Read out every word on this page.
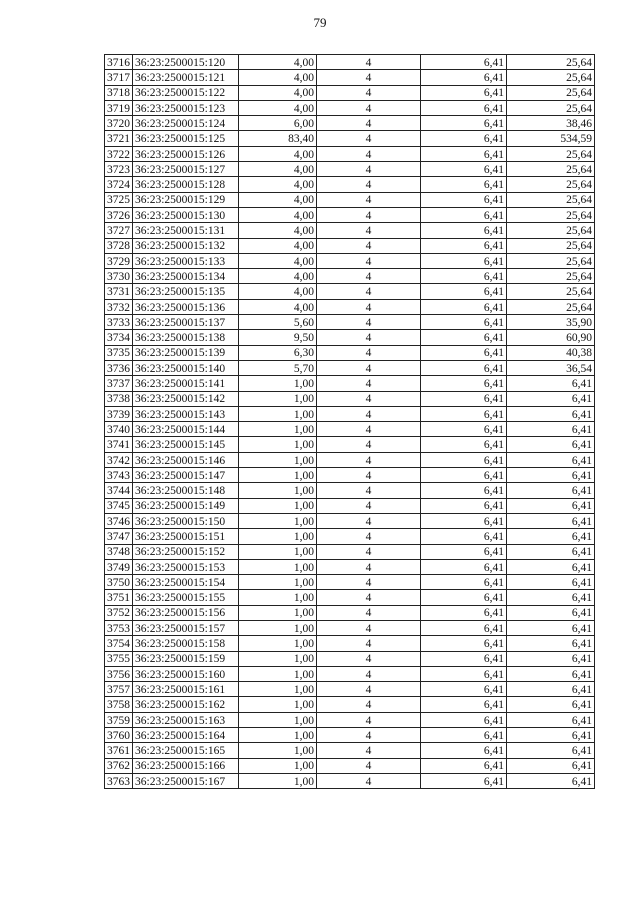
79
3716	36:23:2500015:120	4,00	4	6,41	25,64
3717	36:23:2500015:121	4,00	4	6,41	25,64
3718	36:23:2500015:122	4,00	4	6,41	25,64
3719	36:23:2500015:123	4,00	4	6,41	25,64
3720	36:23:2500015:124	6,00	4	6,41	38,46
3721	36:23:2500015:125	83,40	4	6,41	534,59
3722	36:23:2500015:126	4,00	4	6,41	25,64
3723	36:23:2500015:127	4,00	4	6,41	25,64
3724	36:23:2500015:128	4,00	4	6,41	25,64
3725	36:23:2500015:129	4,00	4	6,41	25,64
3726	36:23:2500015:130	4,00	4	6,41	25,64
3727	36:23:2500015:131	4,00	4	6,41	25,64
3728	36:23:2500015:132	4,00	4	6,41	25,64
3729	36:23:2500015:133	4,00	4	6,41	25,64
3730	36:23:2500015:134	4,00	4	6,41	25,64
3731	36:23:2500015:135	4,00	4	6,41	25,64
3732	36:23:2500015:136	4,00	4	6,41	25,64
3733	36:23:2500015:137	5,60	4	6,41	35,90
3734	36:23:2500015:138	9,50	4	6,41	60,90
3735	36:23:2500015:139	6,30	4	6,41	40,38
3736	36:23:2500015:140	5,70	4	6,41	36,54
3737	36:23:2500015:141	1,00	4	6,41	6,41
3738	36:23:2500015:142	1,00	4	6,41	6,41
3739	36:23:2500015:143	1,00	4	6,41	6,41
3740	36:23:2500015:144	1,00	4	6,41	6,41
3741	36:23:2500015:145	1,00	4	6,41	6,41
3742	36:23:2500015:146	1,00	4	6,41	6,41
3743	36:23:2500015:147	1,00	4	6,41	6,41
3744	36:23:2500015:148	1,00	4	6,41	6,41
3745	36:23:2500015:149	1,00	4	6,41	6,41
3746	36:23:2500015:150	1,00	4	6,41	6,41
3747	36:23:2500015:151	1,00	4	6,41	6,41
3748	36:23:2500015:152	1,00	4	6,41	6,41
3749	36:23:2500015:153	1,00	4	6,41	6,41
3750	36:23:2500015:154	1,00	4	6,41	6,41
3751	36:23:2500015:155	1,00	4	6,41	6,41
3752	36:23:2500015:156	1,00	4	6,41	6,41
3753	36:23:2500015:157	1,00	4	6,41	6,41
3754	36:23:2500015:158	1,00	4	6,41	6,41
3755	36:23:2500015:159	1,00	4	6,41	6,41
3756	36:23:2500015:160	1,00	4	6,41	6,41
3757	36:23:2500015:161	1,00	4	6,41	6,41
3758	36:23:2500015:162	1,00	4	6,41	6,41
3759	36:23:2500015:163	1,00	4	6,41	6,41
3760	36:23:2500015:164	1,00	4	6,41	6,41
3761	36:23:2500015:165	1,00	4	6,41	6,41
3762	36:23:2500015:166	1,00	4	6,41	6,41
3763	36:23:2500015:167	1,00	4	6,41	6,41
